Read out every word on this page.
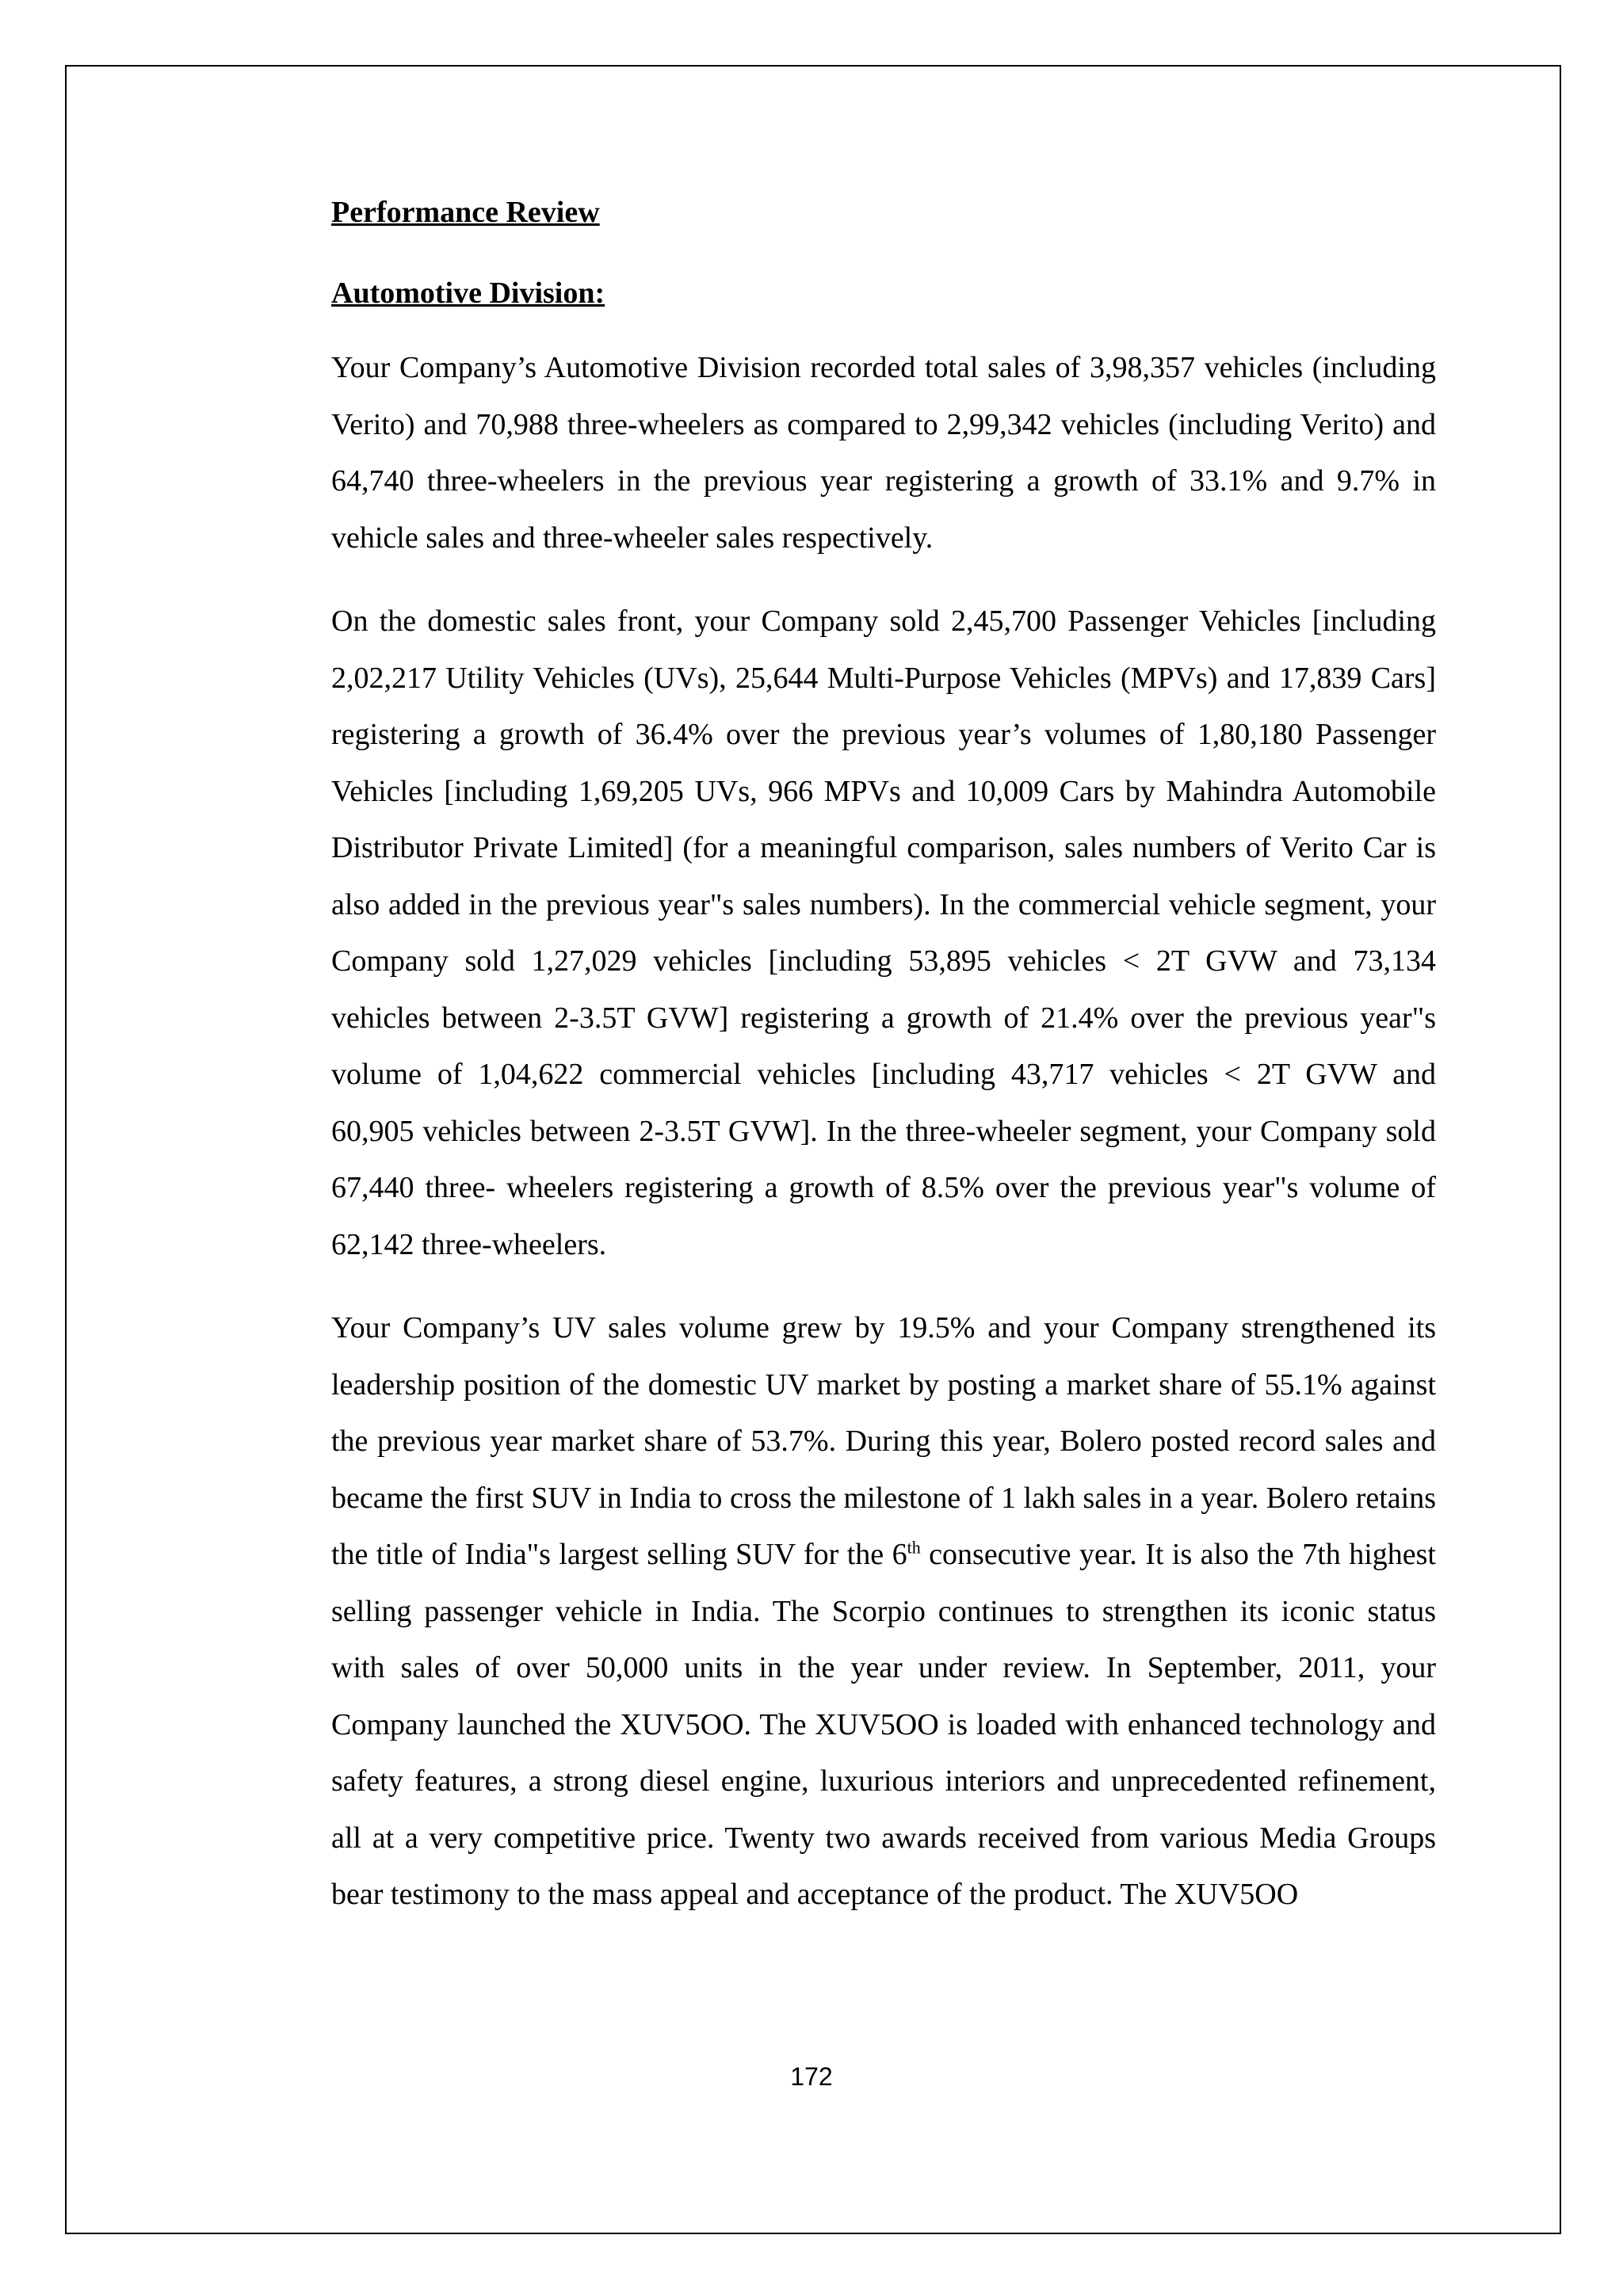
Performance Review
Automotive Division:

Your Company’s Automotive Division recorded total sales of 3,98,357 vehicles (including Verito) and 70,988 three-wheelers as compared to 2,99,342 vehicles (including Verito) and 64,740 three-wheelers in the previous year registering a growth of 33.1% and 9.7% in vehicle sales and three-wheeler sales respectively.

On the domestic sales front, your Company sold 2,45,700 Passenger Vehicles [including 2,02,217 Utility Vehicles (UVs), 25,644 Multi-Purpose Vehicles (MPVs) and 17,839 Cars] registering a growth of 36.4% over the previous year’s volumes of 1,80,180 Passenger Vehicles [including 1,69,205 UVs, 966 MPVs and 10,009 Cars by Mahindra Automobile Distributor Private Limited] (for a meaningful comparison, sales numbers of Verito Car is also added in the previous year"s sales numbers). In the commercial vehicle segment, your Company sold 1,27,029 vehicles [including 53,895 vehicles < 2T GVW and 73,134 vehicles between 2-3.5T GVW] registering a growth of 21.4% over the previous year"s volume of 1,04,622 commercial vehicles [including 43,717 vehicles < 2T GVW and 60,905 vehicles between 2-3.5T GVW]. In the three-wheeler segment, your Company sold 67,440 three- wheelers registering a growth of 8.5% over the previous year"s volume of 62,142 three-wheelers.

Your Company’s UV sales volume grew by 19.5% and your Company strengthened its leadership position of the domestic UV market by posting a market share of 55.1% against the previous year market share of 53.7%. During this year, Bolero posted record sales and became the first SUV in India to cross the milestone of 1 lakh sales in a year. Bolero retains the title of India"s largest selling SUV for the 6th consecutive year. It is also the 7th highest selling passenger vehicle in India. The Scorpio continues to strengthen its iconic status with sales of over 50,000 units in the year under review. In September, 2011, your Company launched the XUV5OO. The XUV5OO is loaded with enhanced technology and safety features, a strong diesel engine, luxurious interiors and unprecedented refinement, all at a very competitive price. Twenty two awards received from various Media Groups bear testimony to the mass appeal and acceptance of the product. The XUV5OO

172
